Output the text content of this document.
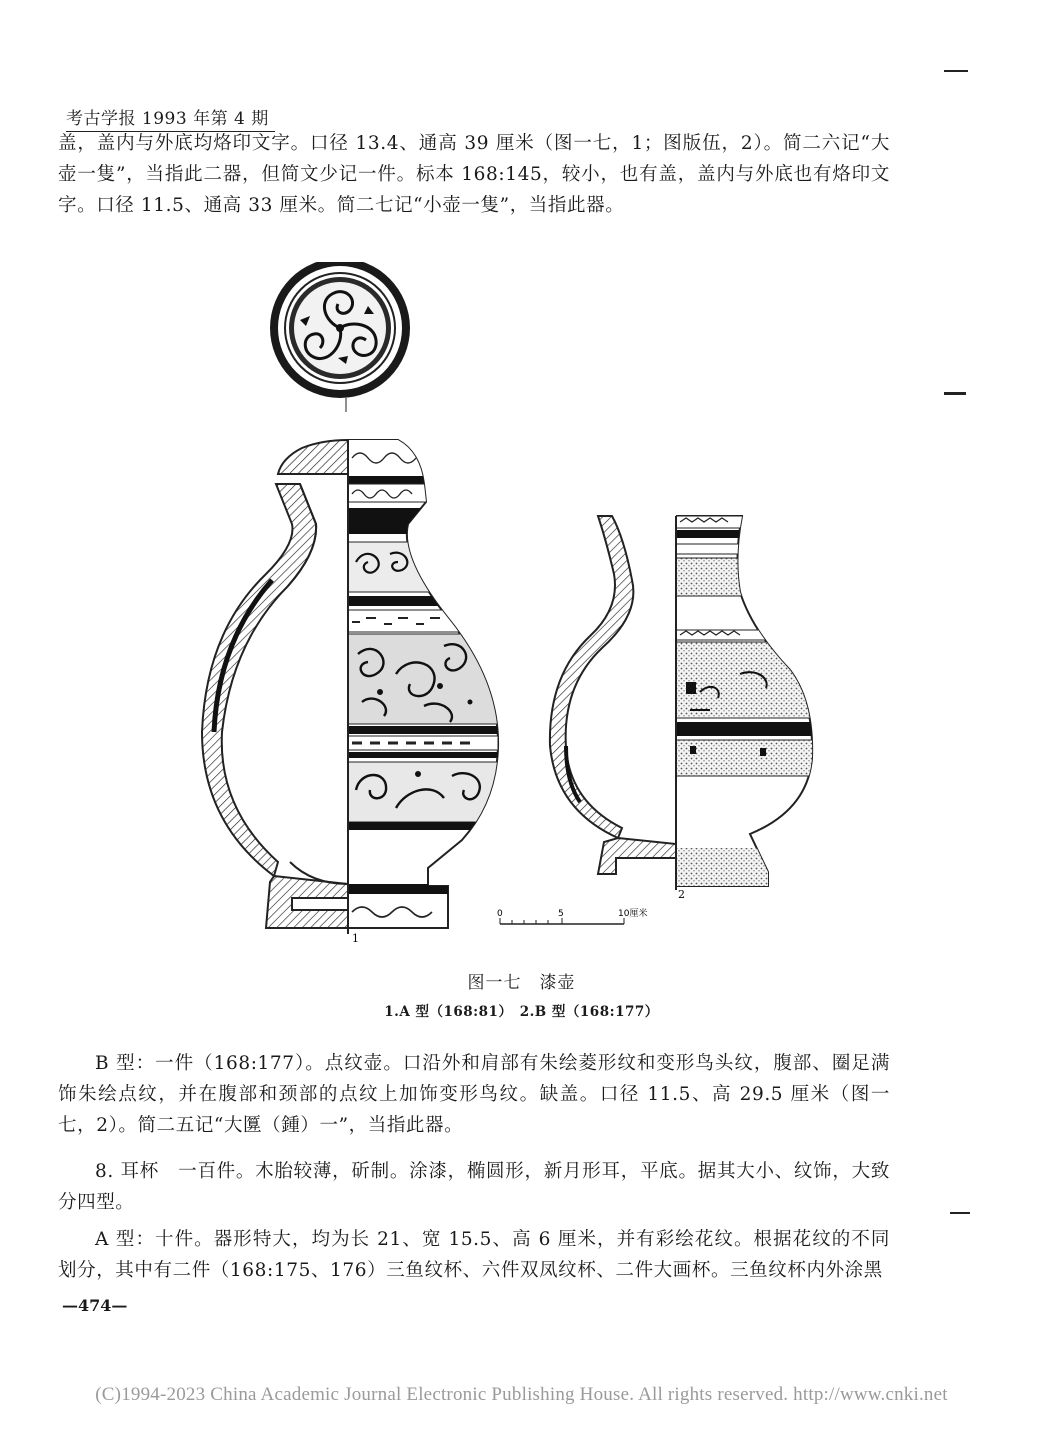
考古学报 1993 年第 4 期

盖，盖内与外底均烙印文字。口径 13.4、通高 39 厘米（图一七，1；图版伍，2）。简二六记“大壶一隻”，当指此二器，但简文少记一件。标本 168:145，较小，也有盖，盖内与外底也有烙印文字。口径 11.5、通高 33 厘米。简二七记“小壶一隻”，当指此器。

1
2
0	5	10厘米
图一七　漆壶
1.A 型（168:81）　2.B 型（168:177）

B 型：一件（168:177）。点纹壶。口沿外和肩部有朱绘菱形纹和变形鸟头纹，腹部、圈足满饰朱绘点纹，并在腹部和颈部的点纹上加饰变形鸟纹。缺盖。口径 11.5、高 29.5 厘米（图一七，2）。简二五记“大匴（鍾）一”，当指此器。

8. 耳杯　一百件。木胎较薄，斫制。涂漆，椭圆形，新月形耳，平底。据其大小、纹饰，大致分四型。

A 型：十件。器形特大，均为长 21、宽 15.5、高 6 厘米，并有彩绘花纹。根据花纹的不同划分，其中有二件（168:175、176）三鱼纹杯、六件双凤纹杯、二件大画杯。三鱼纹杯内外涂黑

—474—
(C)1994-2023 China Academic Journal Electronic Publishing House. All rights reserved. http://www.cnki.net
